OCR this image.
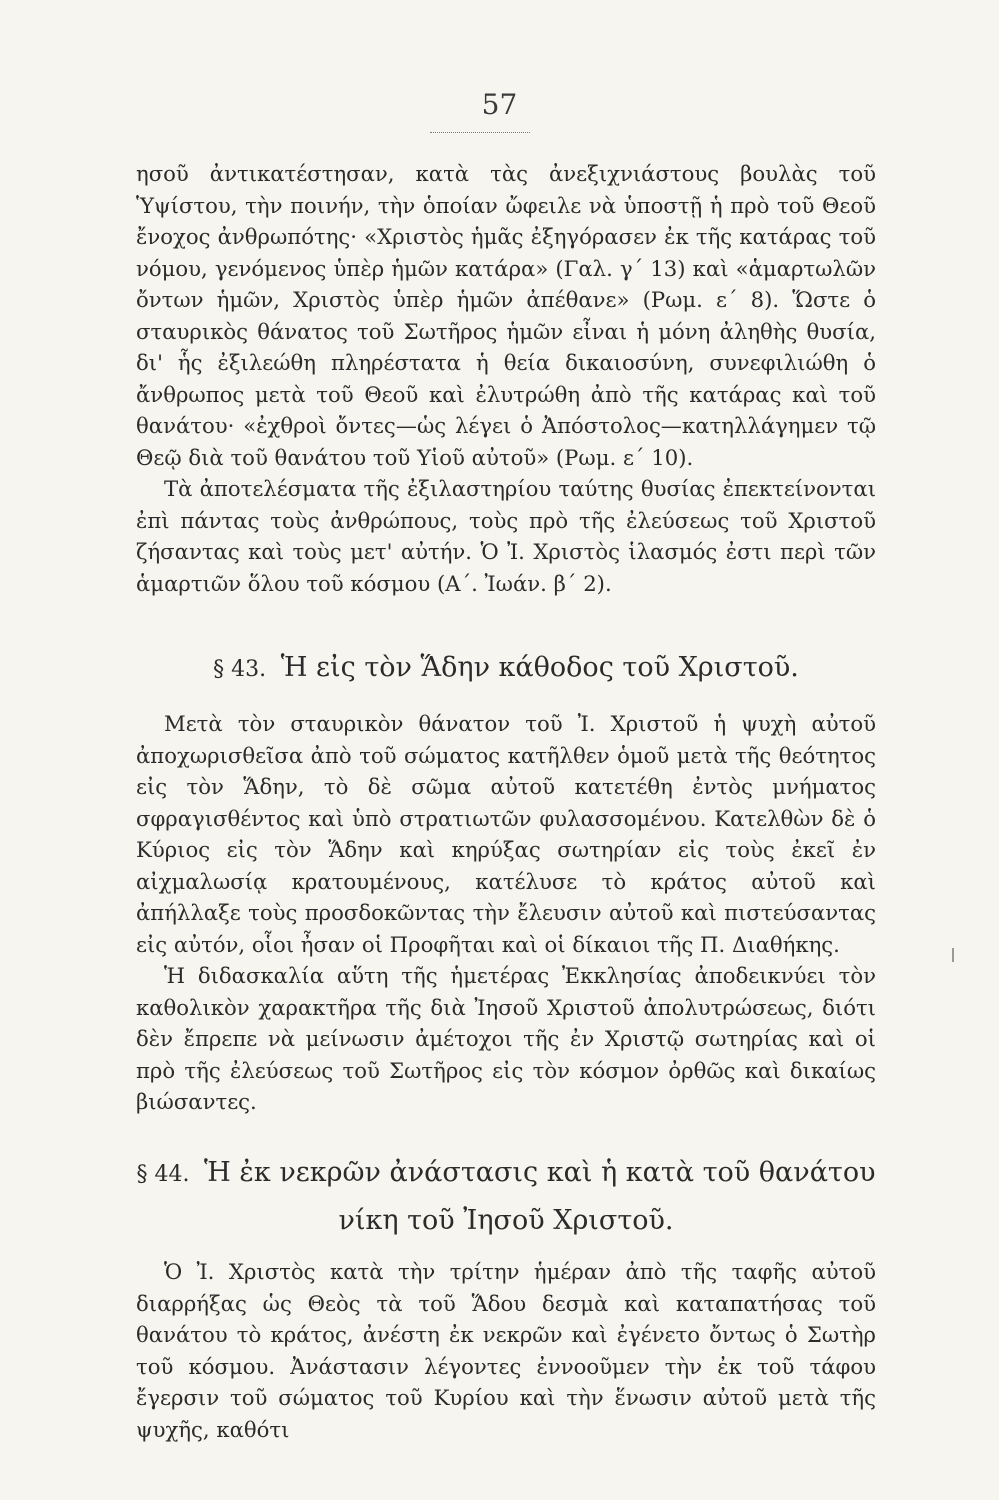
57

ησοῦ ἀντικατέστησαν, κατὰ τὰς ἀνεξιχνιάστους βουλὰς τοῦ Ὑψίστου, τὴν ποινήν, τὴν ὁποίαν ὤφειλε νὰ ὑποστῇ ἡ πρὸ τοῦ Θεοῦ ἔνοχος ἀνθρωπότης· «Χριστὸς ἡμᾶς ἐξηγόρασεν ἐκ τῆς κατάρας τοῦ νόμου, γενόμενος ὑπὲρ ἡμῶν κατάρα» (Γαλ. γ΄ 13) καὶ «ἁμαρτωλῶν ὄντων ἡμῶν, Χριστὸς ὑπὲρ ἡμῶν ἀπέθανε» (Ρωμ. ε΄ 8). Ὥστε ὁ σταυρικὸς θάνατος τοῦ Σωτῆρος ἡμῶν εἶναι ἡ μόνη ἀληθὴς θυσία, δι' ἧς ἐξιλεώθη πληρέστατα ἡ θεία δικαιοσύνη, συνεφιλιώθη ὁ ἄνθρωπος μετὰ τοῦ Θεοῦ καὶ ἐλυτρώθη ἀπὸ τῆς κατάρας καὶ τοῦ θανάτου· «ἐχθροὶ ὄντες—ὡς λέγει ὁ Ἀπόστολος—κατηλλάγημεν τῷ Θεῷ διὰ τοῦ θανάτου τοῦ Υἱοῦ αὐτοῦ» (Ρωμ. ε΄ 10).

Τὰ ἀποτελέσματα τῆς ἐξιλαστηρίου ταύτης θυσίας ἐπεκτείνονται ἐπὶ πάντας τοὺς ἀνθρώπους, τοὺς πρὸ τῆς ἐλεύσεως τοῦ Χριστοῦ ζήσαντας καὶ τοὺς μετ' αὐτήν. Ὁ Ἰ. Χριστὸς ἱλασμός ἐστι περὶ τῶν ἁμαρτιῶν ὅλου τοῦ κόσμου (Α΄. Ἰωάν. β΄ 2).

§ 43. Ἡ εἰς τὸν Ἅδην κάθοδος τοῦ Χριστοῦ.

Μετὰ τὸν σταυρικὸν θάνατον τοῦ Ἰ. Χριστοῦ ἡ ψυχὴ αὐτοῦ ἀποχωρισθεῖσα ἀπὸ τοῦ σώματος κατῆλθεν ὁμοῦ μετὰ τῆς θεότητος εἰς τὸν Ἅδην, τὸ δὲ σῶμα αὐτοῦ κατετέθη ἐντὸς μνήματος σφραγισθέντος καὶ ὑπὸ στρατιωτῶν φυλασσομένου. Κατελθὼν δὲ ὁ Κύριος εἰς τὸν Ἅδην καὶ κηρύξας σωτηρίαν εἰς τοὺς ἐκεῖ ἐν αἰχμαλωσίᾳ κρατουμένους, κατέλυσε τὸ κράτος αὐτοῦ καὶ ἀπήλλαξε τοὺς προσδοκῶντας τὴν ἔλευσιν αὐτοῦ καὶ πιστεύσαντας εἰς αὐτόν, οἷοι ἦσαν οἱ Προφῆται καὶ οἱ δίκαιοι τῆς Π. Διαθήκης.

Ἡ διδασκαλία αὕτη τῆς ἡμετέρας Ἐκκλησίας ἀποδεικνύει τὸν καθολικὸν χαρακτῆρα τῆς διὰ Ἰησοῦ Χριστοῦ ἀπολυτρώσεως, διότι δὲν ἔπρεπε νὰ μείνωσιν ἀμέτοχοι τῆς ἐν Χριστῷ σωτηρίας καὶ οἱ πρὸ τῆς ἐλεύσεως τοῦ Σωτῆρος εἰς τὸν κόσμον ὀρθῶς καὶ δικαίως βιώσαντες.

§ 44. Ἡ ἐκ νεκρῶν ἀνάστασις καὶ ἡ κατὰ τοῦ θανάτου
νίκη τοῦ Ἰησοῦ Χριστοῦ.

Ὁ Ἰ. Χριστὸς κατὰ τὴν τρίτην ἡμέραν ἀπὸ τῆς ταφῆς αὐτοῦ διαρρήξας ὡς Θεὸς τὰ τοῦ Ἅδου δεσμὰ καὶ καταπατήσας τοῦ θανάτου τὸ κράτος, ἀνέστη ἐκ νεκρῶν καὶ ἐγένετο ὄντως ὁ Σωτὴρ τοῦ κόσμου. Ἀνάστασιν λέγοντες ἐννοοῦμεν τὴν ἐκ τοῦ τάφου ἔγερσιν τοῦ σώματος τοῦ Κυρίου καὶ τὴν ἕνωσιν αὐτοῦ μετὰ τῆς ψυχῆς, καθότι
